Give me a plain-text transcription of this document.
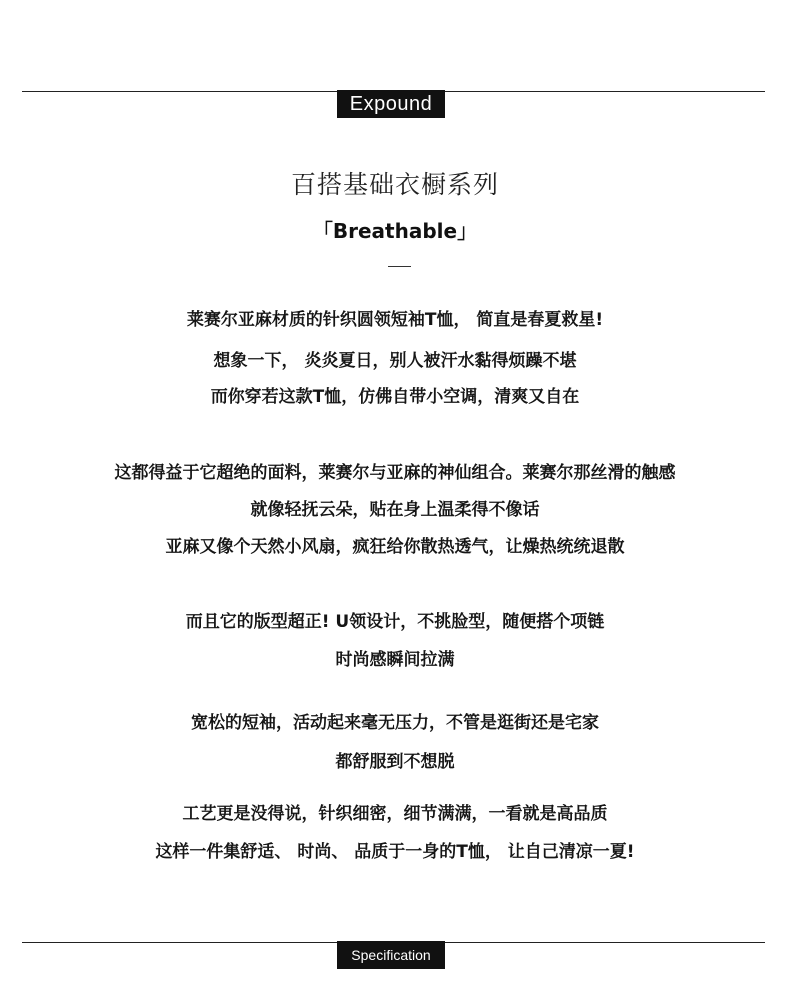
Expound
百搭基础衣橱系列
「Breathable」
莱赛尔亚麻材质的针织圆领短袖T恤， 简直是春夏救星!
想象一下， 炎炎夏日，别人被汗水黏得烦躁不堪
而你穿若这款T恤，仿佛自带小空调，清爽又自在
这都得益于它超绝的面料，莱赛尔与亚麻的神仙组合。莱赛尔那丝滑的触感
就像轻抚云朵，贴在身上温柔得不像话
亚麻又像个天然小风扇，疯狂给你散热透气，让燥热统统退散
而且它的版型超正! U领设计，不挑脸型，随便搭个项链
时尚感瞬间拉满
宽松的短袖，活动起来毫无压力，不管是逛街还是宅家
都舒服到不想脱
工艺更是没得说，针织细密，细节满满，一看就是高品质
这样一件集舒适、 时尚、 品质于一身的T恤， 让自己清凉一夏!
Specification
